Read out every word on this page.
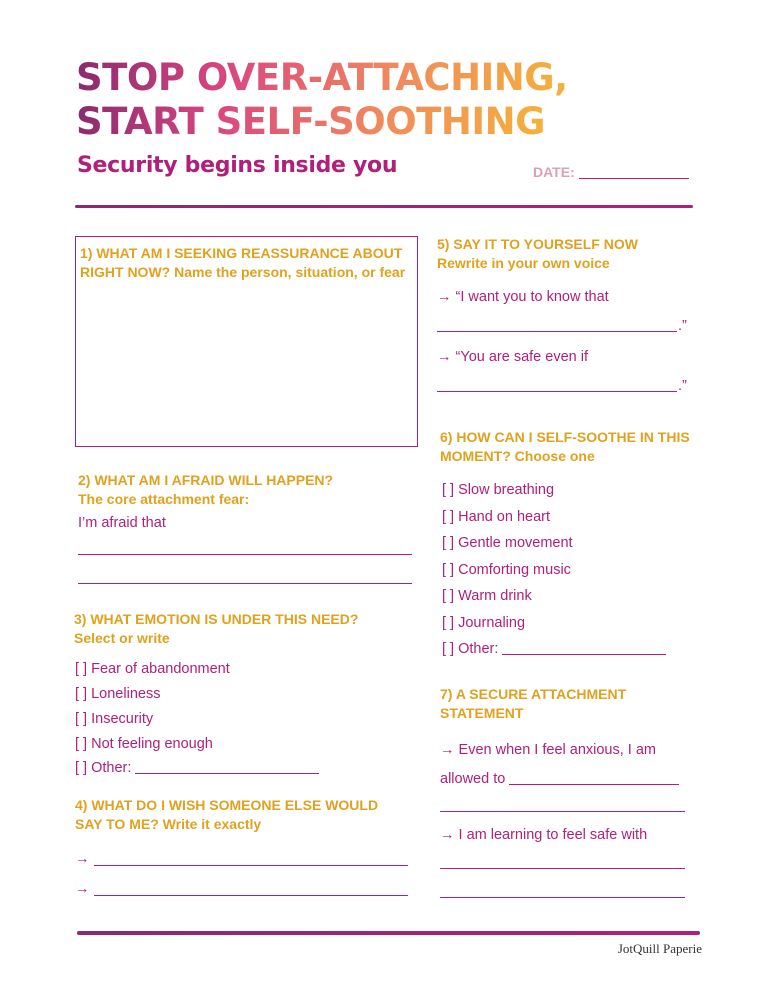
STOP OVER-ATTACHING,
START SELF-SOOTHING
Security begins inside you	DATE:
1) WHAT AM I SEEKING REASSURANCE ABOUT RIGHT NOW? Name the person, situation, or fear
2) WHAT AM I AFRAID WILL HAPPEN?
The core attachment fear:
I’m afraid that
3) WHAT EMOTION IS UNDER THIS NEED?
Select or write
[ ] Fear of abandonment
[ ] Loneliness
[ ] Insecurity
[ ] Not feeling enough
[ ] Other:
4) WHAT DO I WISH SOMEONE ELSE WOULD
SAY TO ME? Write it exactly
→
→
5) SAY IT TO YOURSELF NOW
Rewrite in your own voice
→ “I want you to know that
.”
→ “You are safe even if
.”
6) HOW CAN I SELF-SOOTHE IN THIS
MOMENT? Choose one
[ ] Slow breathing
[ ] Hand on heart
[ ] Gentle movement
[ ] Comforting music
[ ] Warm drink
[ ] Journaling
[ ] Other:
7) A SECURE ATTACHMENT
STATEMENT
→ Even when I feel anxious, I am
allowed to
→ I am learning to feel safe with
JotQuill Paperie
